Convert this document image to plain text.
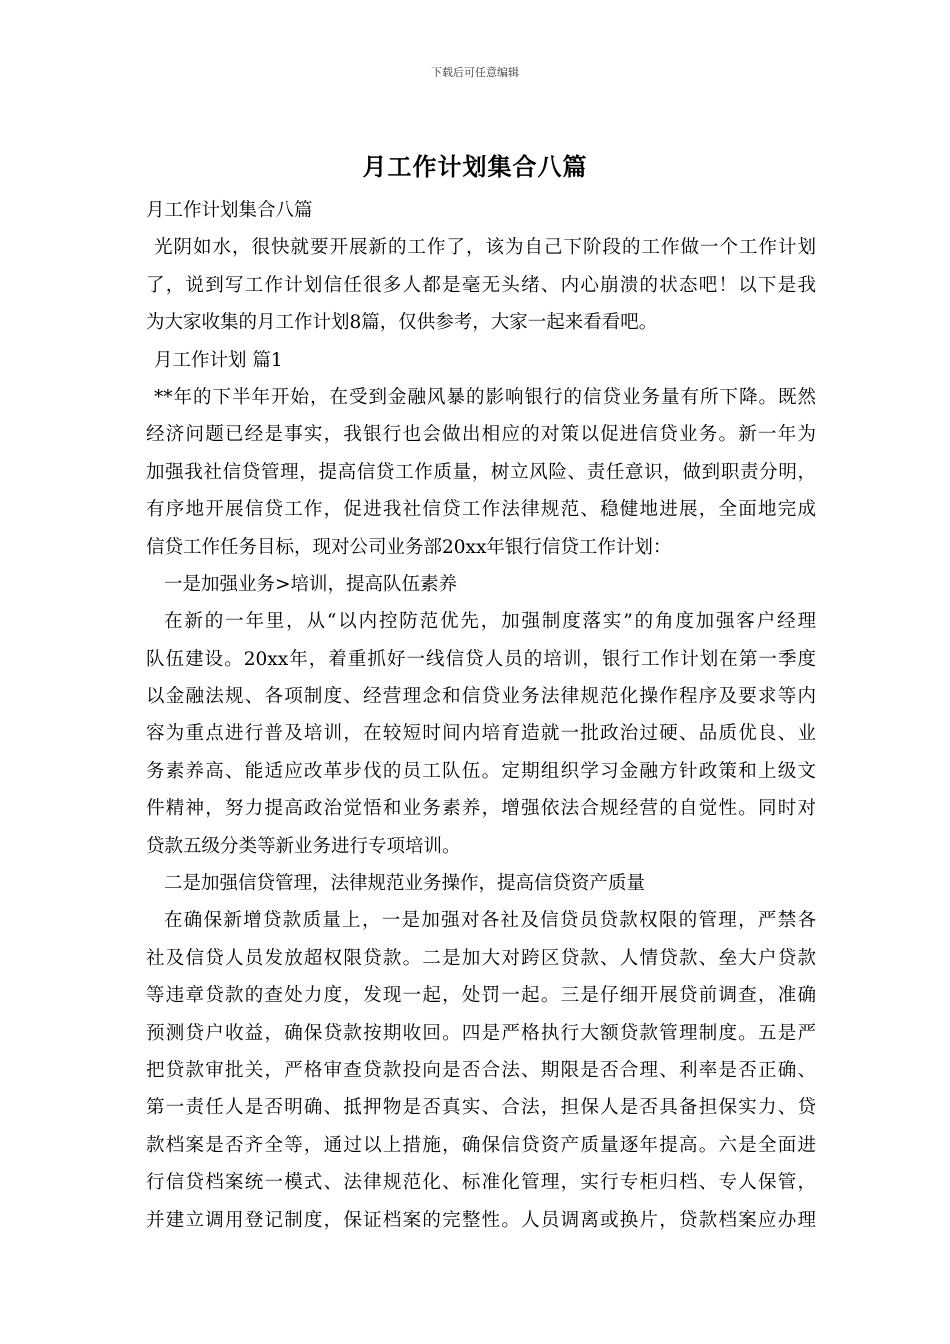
下载后可任意编辑
月工作计划集合八篇
月工作计划集合八篇
光阴如水，很快就要开展新的工作了，该为自己下阶段的工作做一个工作计划
了，说到写工作计划信任很多人都是毫无头绪、内心崩溃的状态吧！以下是我
为大家收集的月工作计划8篇，仅供参考，大家一起来看看吧。
月工作计划 篇1
**年的下半年开始，在受到金融风暴的影响银行的信贷业务量有所下降。既然
经济问题已经是事实，我银行也会做出相应的对策以促进信贷业务。新一年为
加强我社信贷管理，提高信贷工作质量，树立风险、责任意识，做到职责分明，
有序地开展信贷工作，促进我社信贷工作法律规范、稳健地进展，全面地完成
信贷工作任务目标，现对公司业务部20xx年银行信贷工作计划：
一是加强业务>培训，提高队伍素养
在新的一年里，从“以内控防范优先，加强制度落实”的角度加强客户经理
队伍建设。20xx年，着重抓好一线信贷人员的培训，银行工作计划在第一季度
以金融法规、各项制度、经营理念和信贷业务法律规范化操作程序及要求等内
容为重点进行普及培训，在较短时间内培育造就一批政治过硬、品质优良、业
务素养高、能适应改革步伐的员工队伍。定期组织学习金融方针政策和上级文
件精神，努力提高政治觉悟和业务素养，增强依法合规经营的自觉性。同时对
贷款五级分类等新业务进行专项培训。
二是加强信贷管理，法律规范业务操作，提高信贷资产质量
在确保新增贷款质量上，一是加强对各社及信贷员贷款权限的管理，严禁各
社及信贷人员发放超权限贷款。二是加大对跨区贷款、人情贷款、垒大户贷款
等违章贷款的查处力度，发现一起，处罚一起。三是仔细开展贷前调查，准确
预测贷户收益，确保贷款按期收回。四是严格执行大额贷款管理制度。五是严
把贷款审批关，严格审查贷款投向是否合法、期限是否合理、利率是否正确、
第一责任人是否明确、抵押物是否真实、合法，担保人是否具备担保实力、贷
款档案是否齐全等，通过以上措施，确保信贷资产质量逐年提高。六是全面进
行信贷档案统一模式、法律规范化、标准化管理，实行专柜归档、专人保管，
并建立调用登记制度，保证档案的完整性。人员调离或换片，贷款档案应办理
